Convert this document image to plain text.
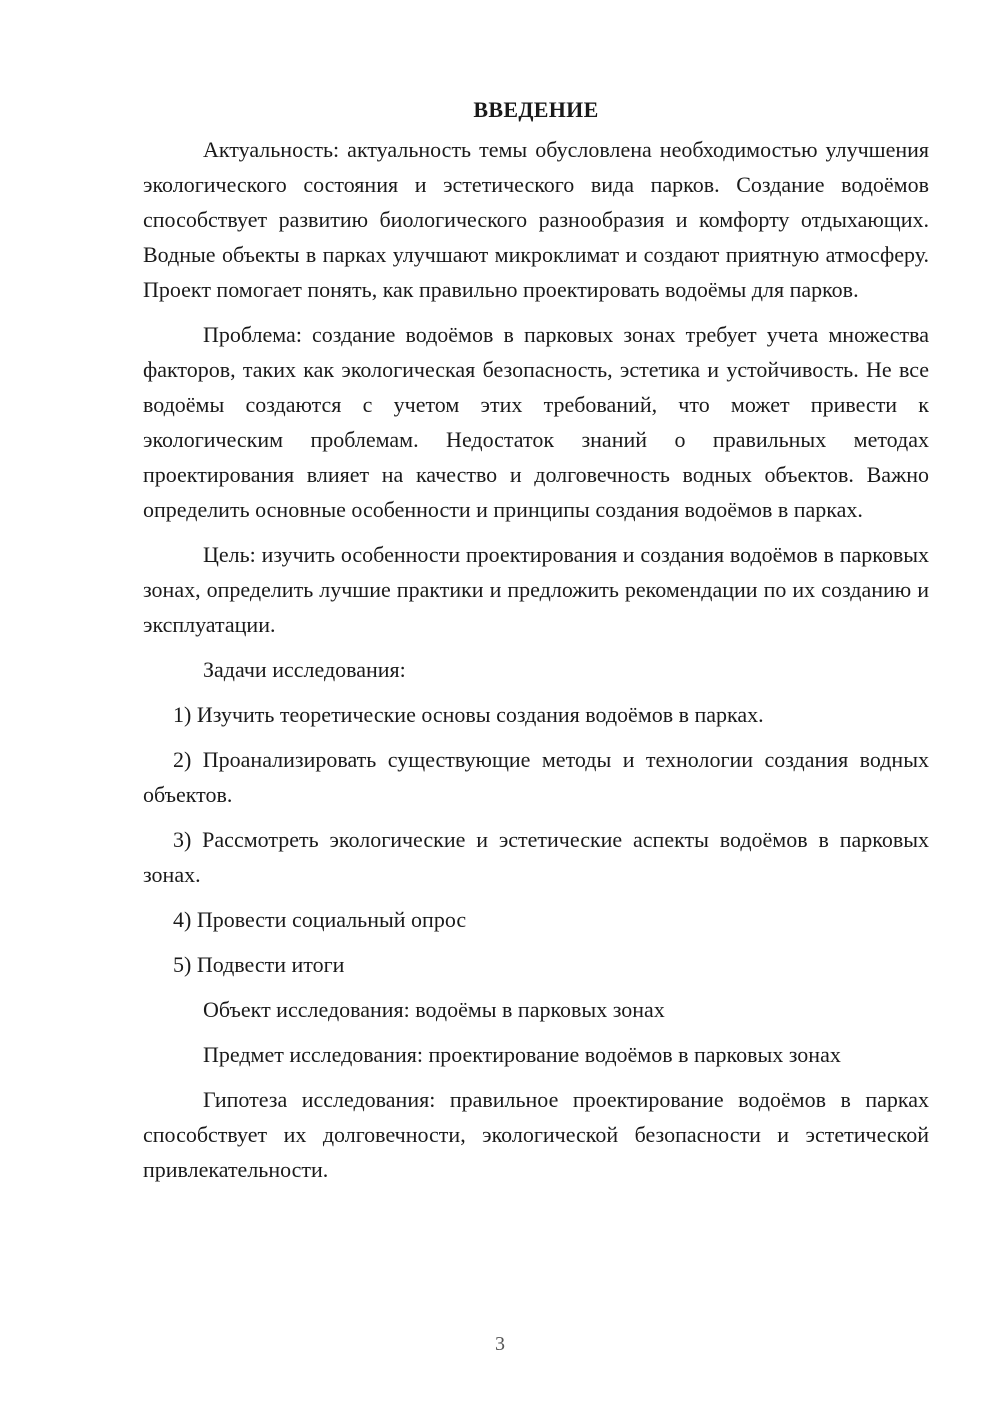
ВВЕДЕНИЕ

Актуальность: актуальность темы обусловлена необходимостью улучшения экологического состояния и эстетического вида парков. Создание водоёмов способствует развитию биологического разнообразия и комфорту отдыхающих. Водные объекты в парках улучшают микроклимат и создают приятную атмосферу. Проект помогает понять, как правильно проектировать водоёмы для парков.

Проблема: создание водоёмов в парковых зонах требует учета множества факторов, таких как экологическая безопасность, эстетика и устойчивость. Не все водоёмы создаются с учетом этих требований, что может привести к экологическим проблемам. Недостаток знаний о правильных методах проектирования влияет на качество и долговечность водных объектов. Важно определить основные особенности и принципы создания водоёмов в парках.

Цель: изучить особенности проектирования и создания водоёмов в парковых зонах, определить лучшие практики и предложить рекомендации по их созданию и эксплуатации.

Задачи исследования:

1) Изучить теоретические основы создания водоёмов в парках.

2) Проанализировать существующие методы и технологии создания водных объектов.

3) Рассмотреть экологические и эстетические аспекты водоёмов в парковых зонах.

4) Провести социальный опрос

5) Подвести итоги

Объект исследования: водоёмы в парковых зонах

Предмет исследования: проектирование водоёмов в парковых зонах

Гипотеза исследования: правильное проектирование водоёмов в парках способствует их долговечности, экологической безопасности и эстетической привлекательности.

3
